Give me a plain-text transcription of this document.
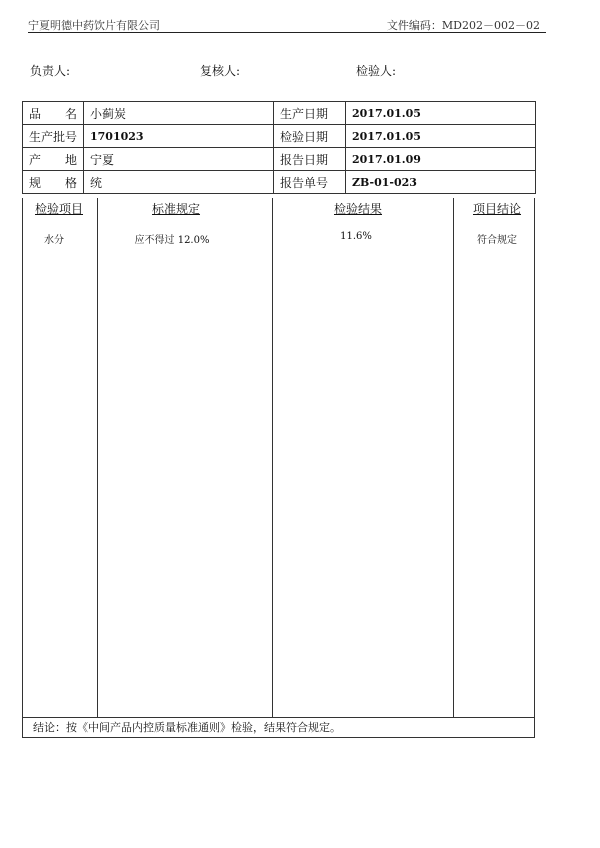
宁夏明德中药饮片有限公司	文件编码：MD202－002－02
负责人:	复核人:	检验人:
品　名	小蓟炭	生产日期	2017.01.05
生产批号	1701023	检验日期	2017.01.05

产　地	宁夏	报告日期	2017.01.09

规　格	统	报告单号	ZB-01-023
检验项目	标准规定	检验结果	项目结论
水分	应不得过 12.0%	11.6%	符合规定
结论：按《中间产品内控质量标准通则》检验，结果符合规定。
